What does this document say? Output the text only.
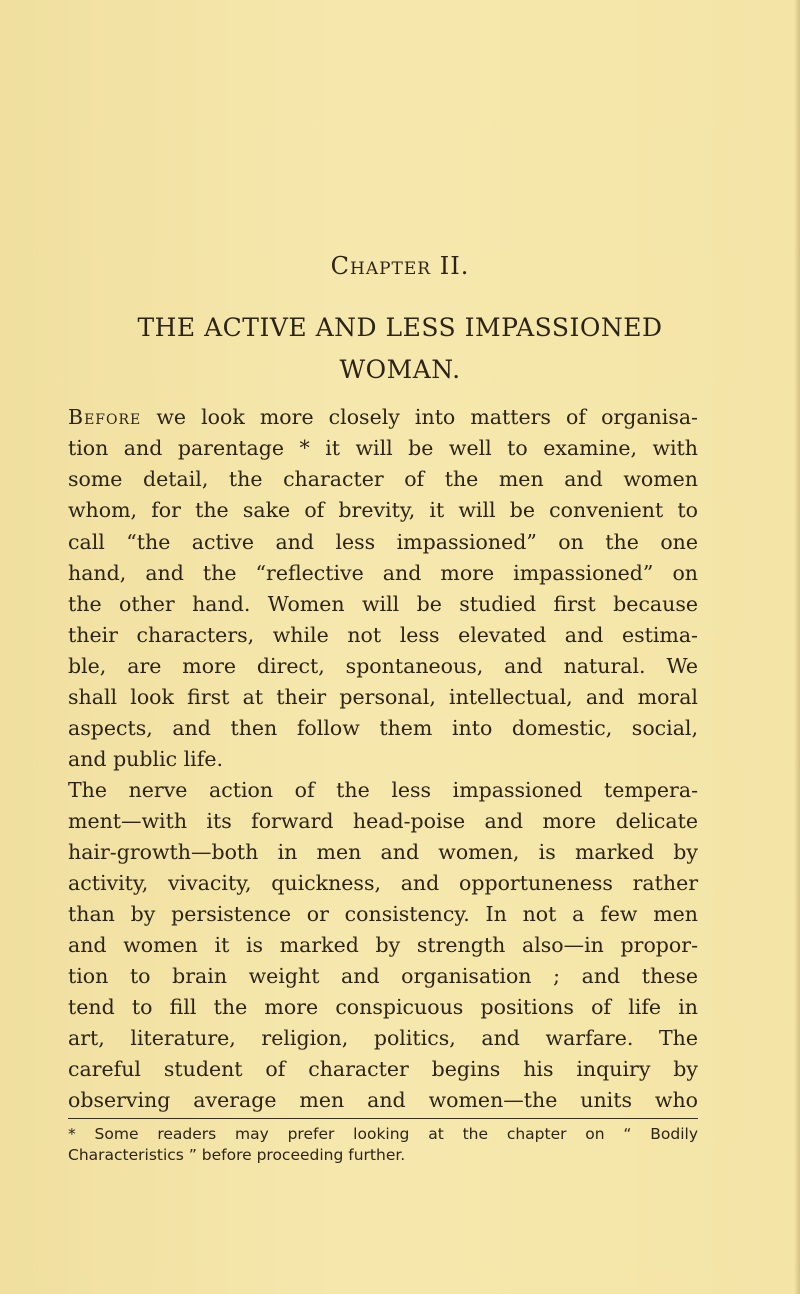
Chapter II.
THE ACTIVE AND LESS IMPASSIONED
WOMAN.
Before we look more closely into matters of organisa-
tion and parentage * it will be well to examine, with
some detail, the character of the men and women
whom, for the sake of brevity, it will be convenient to
call “the active and less impassioned” on the one
hand, and the “reflective and more impassioned” on
the other hand. Women will be studied first because
their characters, while not less elevated and estima-
ble, are more direct, spontaneous, and natural. We
shall look first at their personal, intellectual, and moral
aspects, and then follow them into domestic, social,
and public life.
The nerve action of the less impassioned tempera-
ment—with its forward head-poise and more delicate
hair-growth—both in men and women, is marked by
activity, vivacity, quickness, and opportuneness rather
than by persistence or consistency. In not a few men
and women it is marked by strength also—in propor-
tion to brain weight and organisation ; and these
tend to fill the more conspicuous positions of life in
art, literature, religion, politics, and warfare. The
careful student of character begins his inquiry by
observing average men and women—the units who
* Some readers may prefer looking at the chapter on “ Bodily
Characteristics ” before proceeding further.
